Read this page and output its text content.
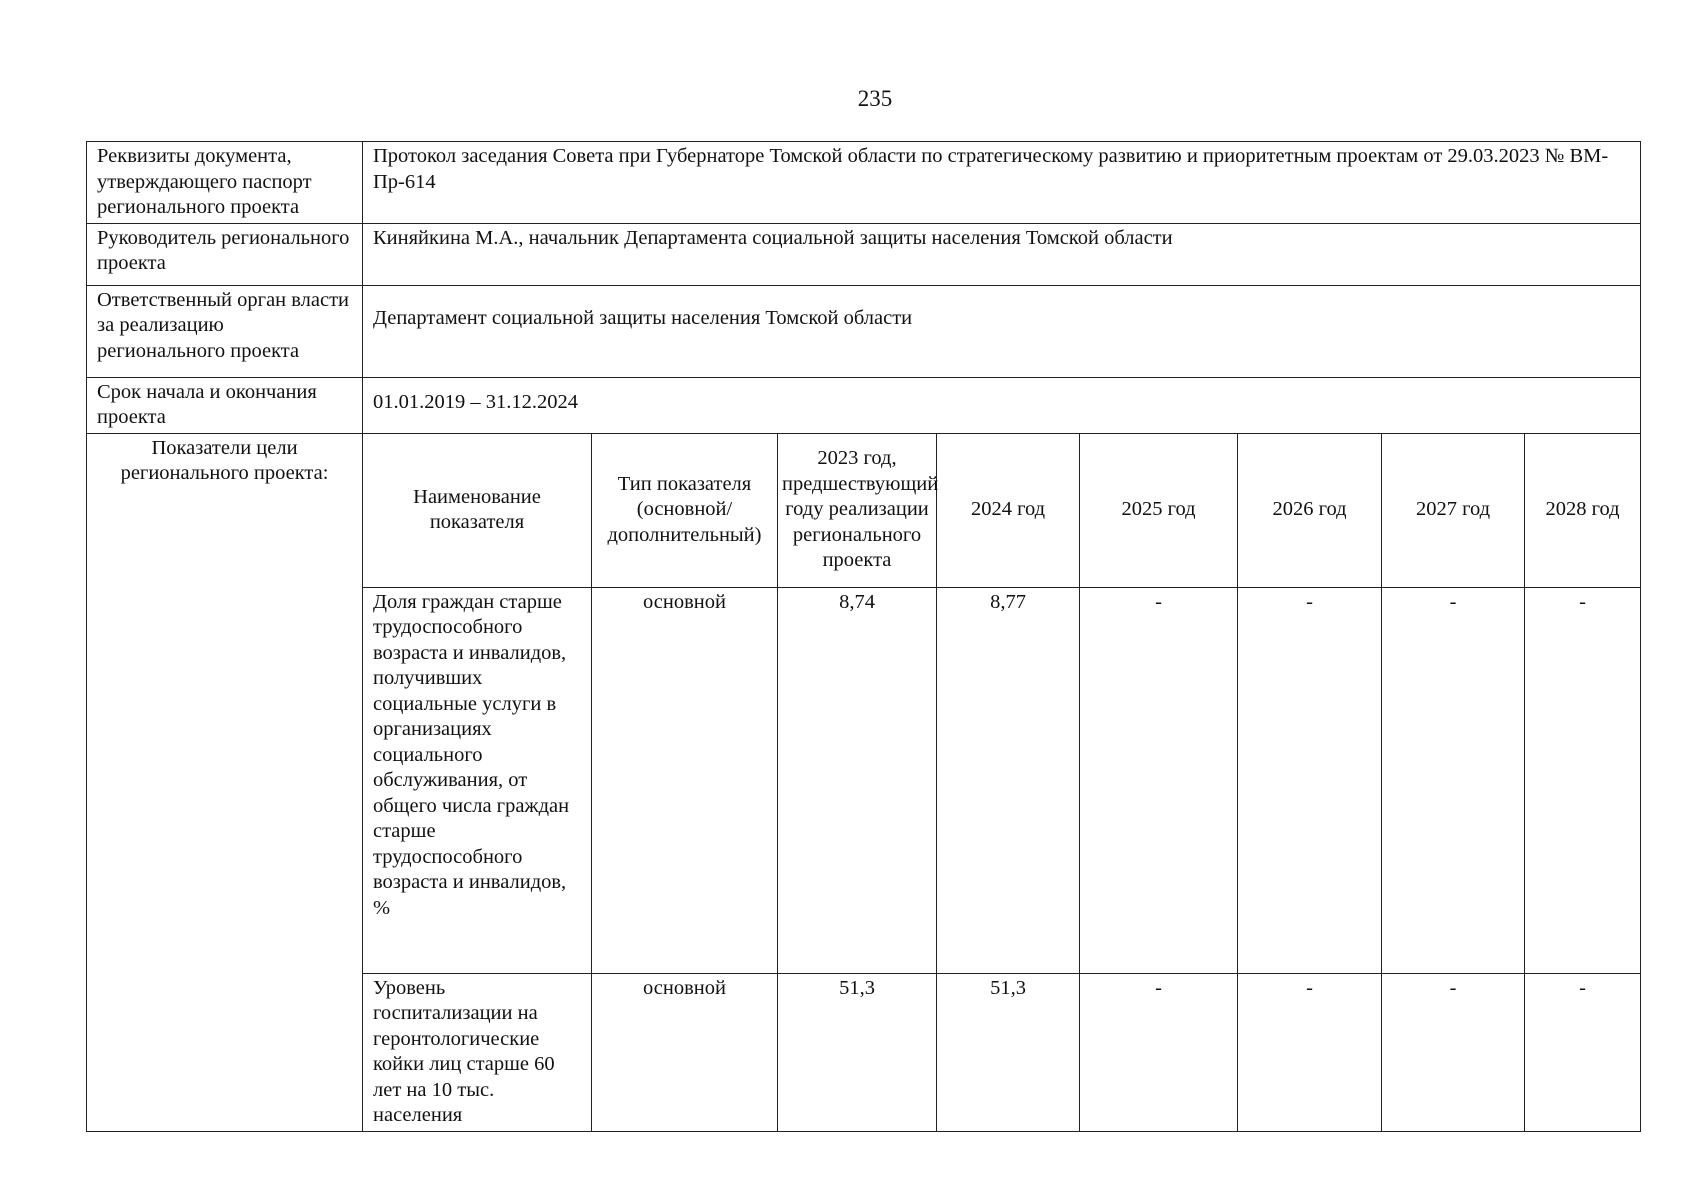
235
Реквизиты документа, утверждающего паспорт регионального проекта	Протокол заседания Совета при Губернаторе Томской области по стратегическому развитию и приоритетным проектам от 29.03.2023 № ВМ-Пр-614							
Руководитель регионального проекта	Киняйкина М.А., начальник Департамента социальной защиты населения Томской области							
Ответственный орган власти за реализацию регионального проекта	Департамент социальной защиты населения Томской области							
Срок начала и окончания проекта	01.01.2019 – 31.12.2024							
Показатели цели регионального проекта:	Наименование показателя	Тип показателя (основной/дополнительный)	2023 год, предшествующий году реализации регионального проекта	2024 год	2025 год	2026 год	2027 год	2028 год
	Доля граждан старше трудоспособного возраста и инвалидов, получивших социальные услуги в организациях социального обслуживания, от общего числа граждан старше трудоспособного возраста и инвалидов, %	основной	8,74	8,77	-	-	-	-
	Уровень госпитализации на геронтологические койки лиц старше 60 лет на 10 тыс. населения	основной	51,3	51,3	-	-	-	-
